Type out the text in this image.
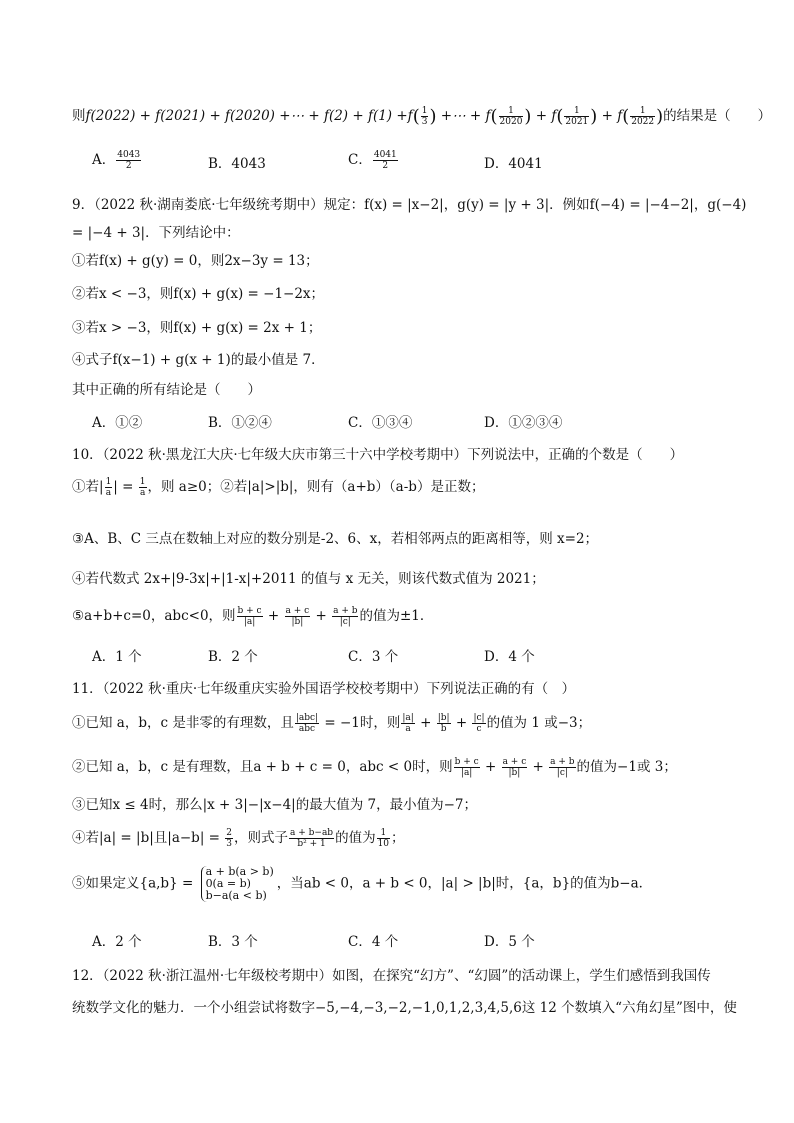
则f(2022) + f(2021) + f(2020) +⋯ + $f(2) + f(1) +f( \frac{1}{3}$ ) +⋯ + $f( \frac{1}{2020}$ ) + $f( \frac{1}{2021}$ ) + $f( \frac{1}{2022}$ )的结果是（　　）
A． $\frac{4043}{2}$	B．4043	C． $\frac{4041}{2}$	D．4041
9．（2022 秋·湖南娄底·七年级统考期中）规定：f(x) = |x−2|，g(y) = |y + 3|．例如f(−4) = |−4−2|，g(−4)
= |−4 + 3|．下列结论中：
①若f(x) + g(y) = 0，则2x−3y = 13；
②若x < −3，则f(x) + g(x) = −1−2x；
③若x > −3，则f(x) + g(x) = 2x + 1；
④式子f(x−1) + g(x + 1)的最小值是 7．
其中正确的所有结论是（　　）
A．①②	B．①②④	C．①③④	D．①②③④
10．（2022 秋·黑龙江大庆·七年级大庆市第三十六中学校考期中）下列说法中，正确的个数是（　　）
①若| $\frac{1}{a}$ | = $\frac{1}{a}$ ，则 a≥0；②若|a|>|b|，则有（a+b）（a-b）是正数；
③A、B、C 三点在数轴上对应的数分别是-2、6、x，若相邻两点的距离相等，则 x=2；
④若代数式 2x+|9-3x|+|1-x|+2011 的值与 x 无关，则该代数式值为 2021；
⑤a+b+c=0，abc<0，则 $\frac{b + c}{|a|} + \frac{a + c}{|b|} + \frac{a + b}{|c|}$ 的值为±1．
A．1 个	B．2 个	C．3 个	D．4 个
11．（2022 秋·重庆·七年级重庆实验外国语学校校考期中）下列说法正确的有（　）
①已知 a，b，c 是非零的有理数，且 $\frac{\text{|abc|}}{\text{abc}} = -1$时，则 $\frac{|a|}{a} + \frac{|b|}{b} + \frac{|c|}{c}$ 的值为 1 或−3；
②已知 a，b，c 是有理数，且a + b + c = 0，abc < 0时，则 $\frac{b + c}{|a|} + \frac{a + c}{|b|} + \frac{a + b}{|c|}$ 的值为−1或 3；
③已知x ≤ 4时，那么|x + 3|−|x−4|的最大值为 7，最小值为−7；
④若|a| = |b|且$|a-b| = \frac{2}{3}$ ，则式子 $\frac{a + b-ab}{\text{b² + 1}}$ 的值为 $\frac{1}{10}$ ；
⑤如果定义{a,b} =
a + b(a > b)
0(a = b)
b−a(a < b)
，当ab < 0，a + b < 0，|a| > |b|时，{a，b}的值为b−a．
A．2 个	B．3 个	C．4 个	D．5 个
12．（2022 秋·浙江温州·七年级校考期中）如图，在探究“幻方”、“幻圆”的活动课上，学生们感悟到我国传
统数学文化的魅力．一个小组尝试将数字−5,−4,−3,−2,−1,0,1,2,3,4,5,6这 12 个数填入“六角幻星”图中，使
